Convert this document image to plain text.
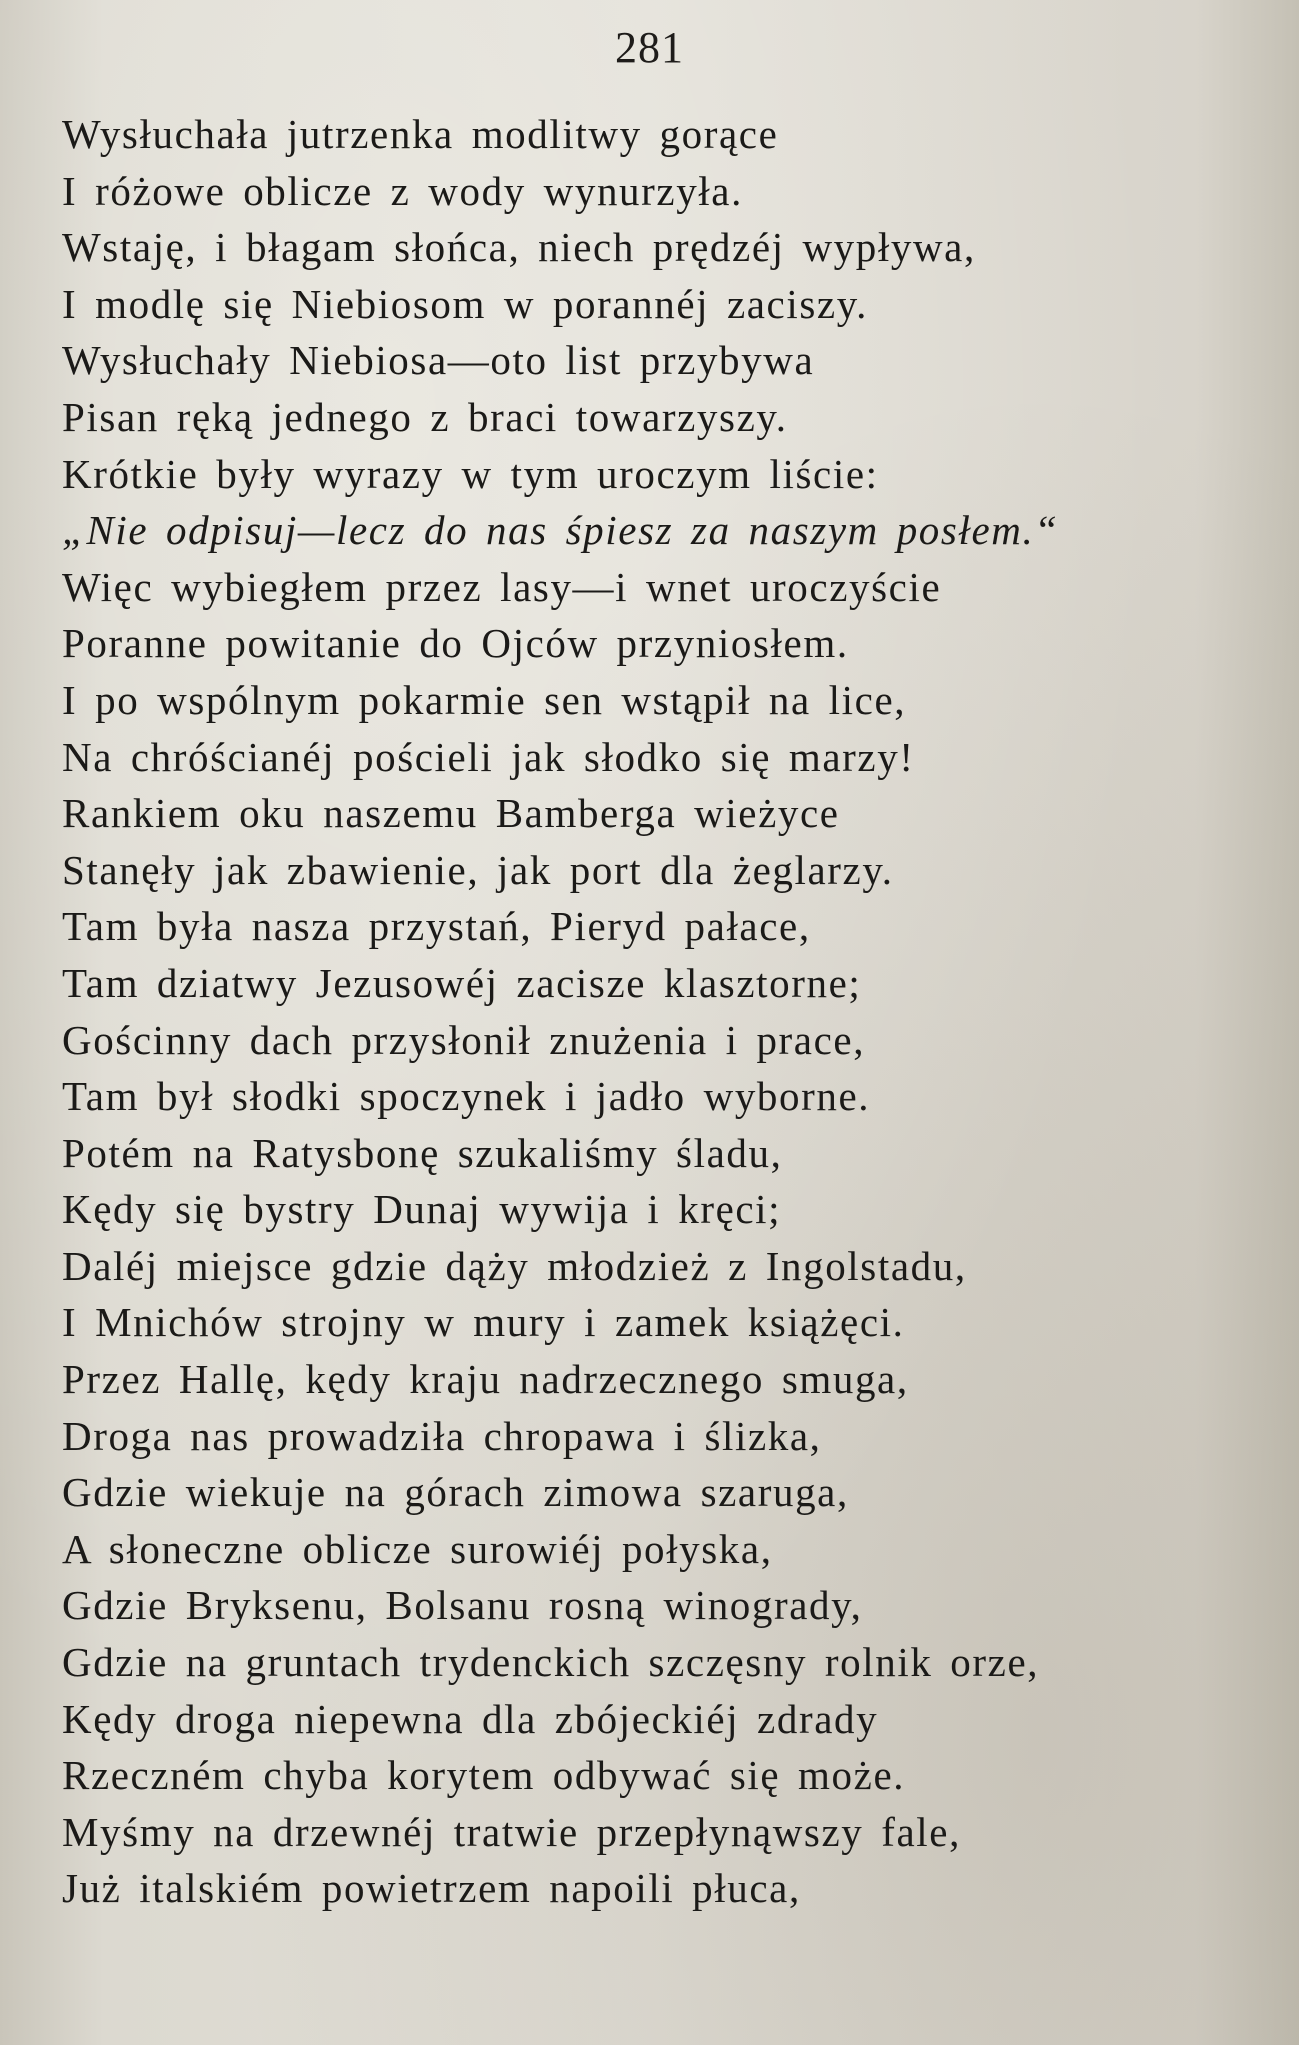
281
Wysłuchała jutrzenka modlitwy gorące
I różowe oblicze z wody wynurzyła.
Wstaję, i błagam słońca, niech prędzéj wypływa,
I modlę się Niebiosom w porannéj zaciszy.
Wysłuchały Niebiosa—oto list przybywa
Pisan ręką jednego z braci towarzyszy.
Krótkie były wyrazy w tym uroczym liście:
„Nie odpisuj—lecz do nas śpiesz za naszym posłem.“
Więc wybiegłem przez lasy—i wnet uroczyście
Poranne powitanie do Ojców przyniosłem.
I po wspólnym pokarmie sen wstąpił na lice,
Na chróścianéj pościeli jak słodko się marzy!
Rankiem oku naszemu Bamberga wieżyce
Stanęły jak zbawienie, jak port dla żeglarzy.
Tam była nasza przystań, Pieryd pałace,
Tam dziatwy Jezusowéj zacisze klasztorne;
Gościnny dach przysłonił znużenia i prace,
Tam był słodki spoczynek i jadło wyborne.
Potém na Ratysbonę szukaliśmy śladu,
Kędy się bystry Dunaj wywija i kręci;
Daléj miejsce gdzie dąży młodzież z Ingolstadu,
I Mnichów strojny w mury i zamek książęci.
Przez Hallę, kędy kraju nadrzecznego smuga,
Droga nas prowadziła chropawa i ślizka,
Gdzie wiekuje na górach zimowa szaruga,
A słoneczne oblicze surowiéj połyska,
Gdzie Bryksenu, Bolsanu rosną winogrady,
Gdzie na gruntach trydenckich szczęsny rolnik orze,
Kędy droga niepewna dla zbójeckiéj zdrady
Rzeczném chyba korytem odbywać się może.
Myśmy na drzewnéj tratwie przepłynąwszy fale,
Już italskiém powietrzem napoili płuca,
